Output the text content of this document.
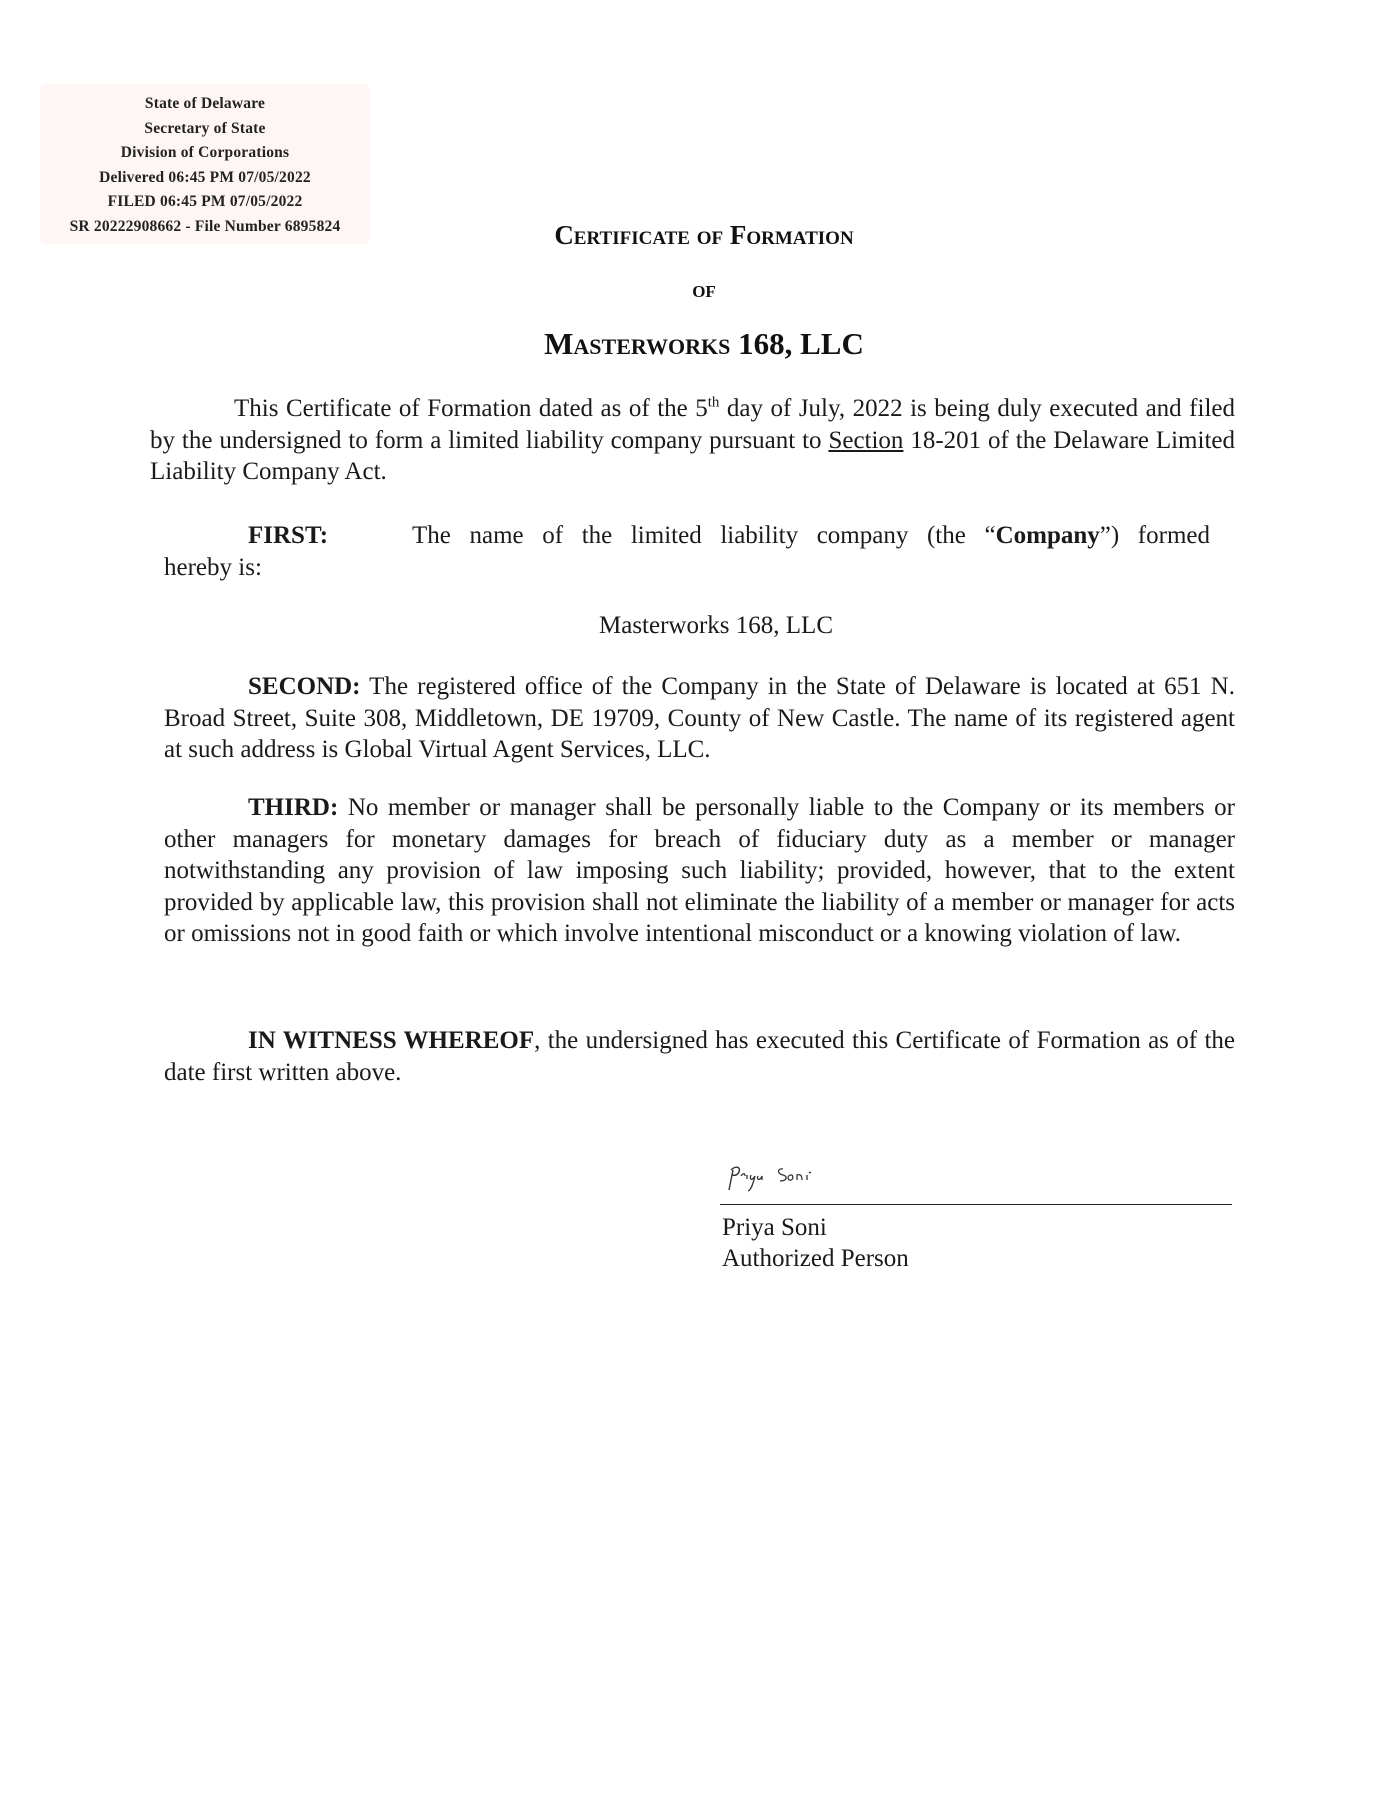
State of Delaware
Secretary of State
Division of Corporations
Delivered 06:45 PM 07/05/2022
FILED 06:45 PM 07/05/2022
SR 20222908662 - File Number 6895824	Certificate of Formation
of
Masterworks 168, LLC
This Certificate of Formation dated as of the 5th day of July, 2022 is being duly executed and filed by the undersigned to form a limited liability company pursuant to Section 18-201 of the Delaware Limited Liability Company Act.
FIRST:	The name of the limited liability company (the “Company”) formed
hereby is:
Masterworks 168, LLC
SECOND: The registered office of the Company in the State of Delaware is located at 651 N. Broad Street, Suite 308, Middletown, DE 19709, County of New Castle. The name of its registered agent at such address is Global Virtual Agent Services, LLC.
THIRD: No member or manager shall be personally liable to the Company or its members or other managers for monetary damages for breach of fiduciary duty as a member or manager notwithstanding any provision of law imposing such liability; provided, however, that to the extent provided by applicable law, this provision shall not eliminate the liability of a member or manager for acts or omissions not in good faith or which involve intentional misconduct or a knowing violation of law.
IN WITNESS WHEREOF, the undersigned has executed this Certificate of Formation as of the date first written above.
Priya Soni
Authorized Person
